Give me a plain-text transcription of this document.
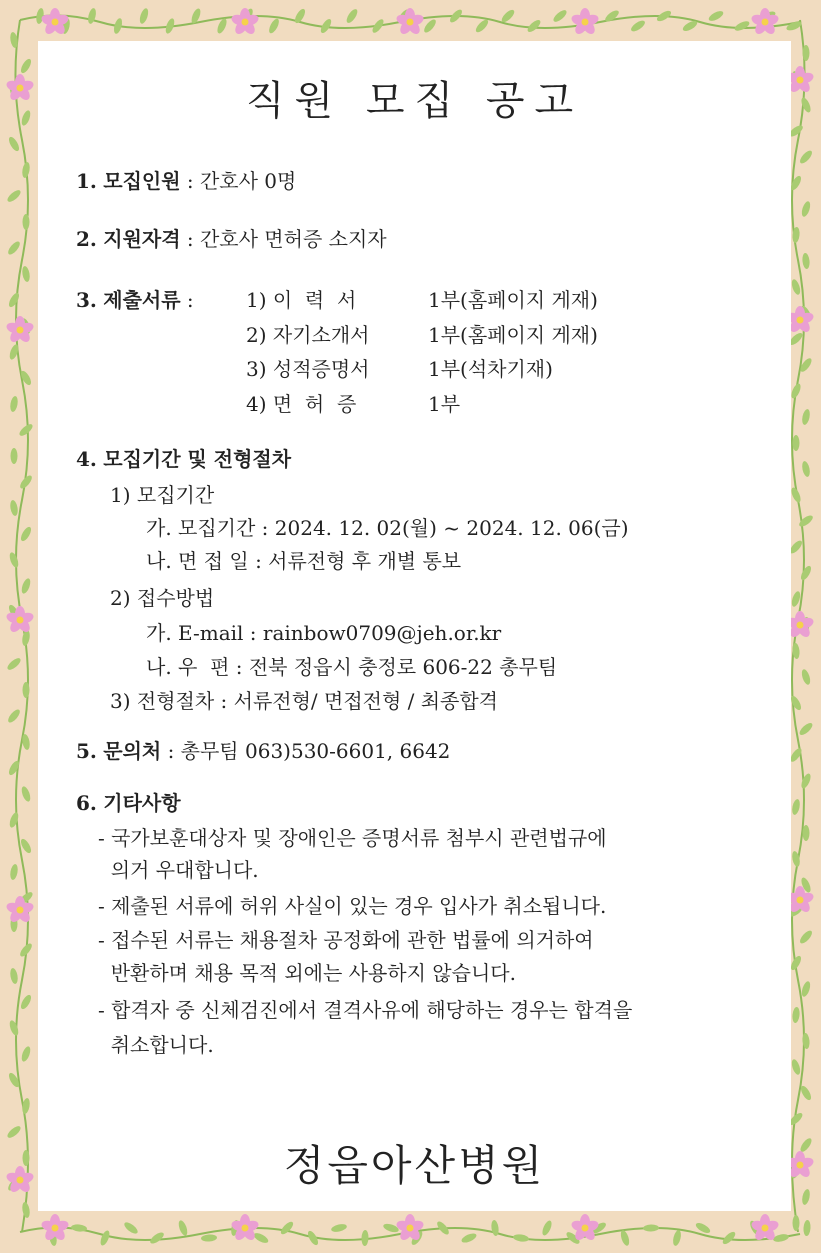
직원 모집 공고
1. 모집인원 : 간호사 0명
2. 지원자격 : 간호사 면허증 소지자
3. 제출서류 :	1) 이  력  서	1부(홈페이지 게재)
2) 자기소개서	1부(홈페이지 게재)
3) 성적증명서	1부(석차기재)
4) 면  허  증	1부
4. 모집기간 및 전형절차
1) 모집기간
가. 모집기간 : 2024. 12. 02(월) ~ 2024. 12. 06(금)
나. 면 접 일 : 서류전형 후 개별 통보
2) 접수방법
가. E-mail : rainbow0709@jeh.or.kr
나. 우  편 : 전북 정읍시 충정로 606-22 총무팀
3) 전형절차 : 서류전형/ 면접전형 / 최종합격
5. 문의처 : 총무팀 063)530-6601, 6642
6. 기타사항
- 국가보훈대상자 및 장애인은 증명서류 첨부시 관련법규에
의거 우대합니다.
- 제출된 서류에 허위 사실이 있는 경우 입사가 취소됩니다.
- 접수된 서류는 채용절차 공정화에 관한 법률에 의거하여
반환하며 채용 목적 외에는 사용하지 않습니다.
- 합격자 중 신체검진에서 결격사유에 해당하는 경우는 합격을
취소합니다.
정읍아산병원
